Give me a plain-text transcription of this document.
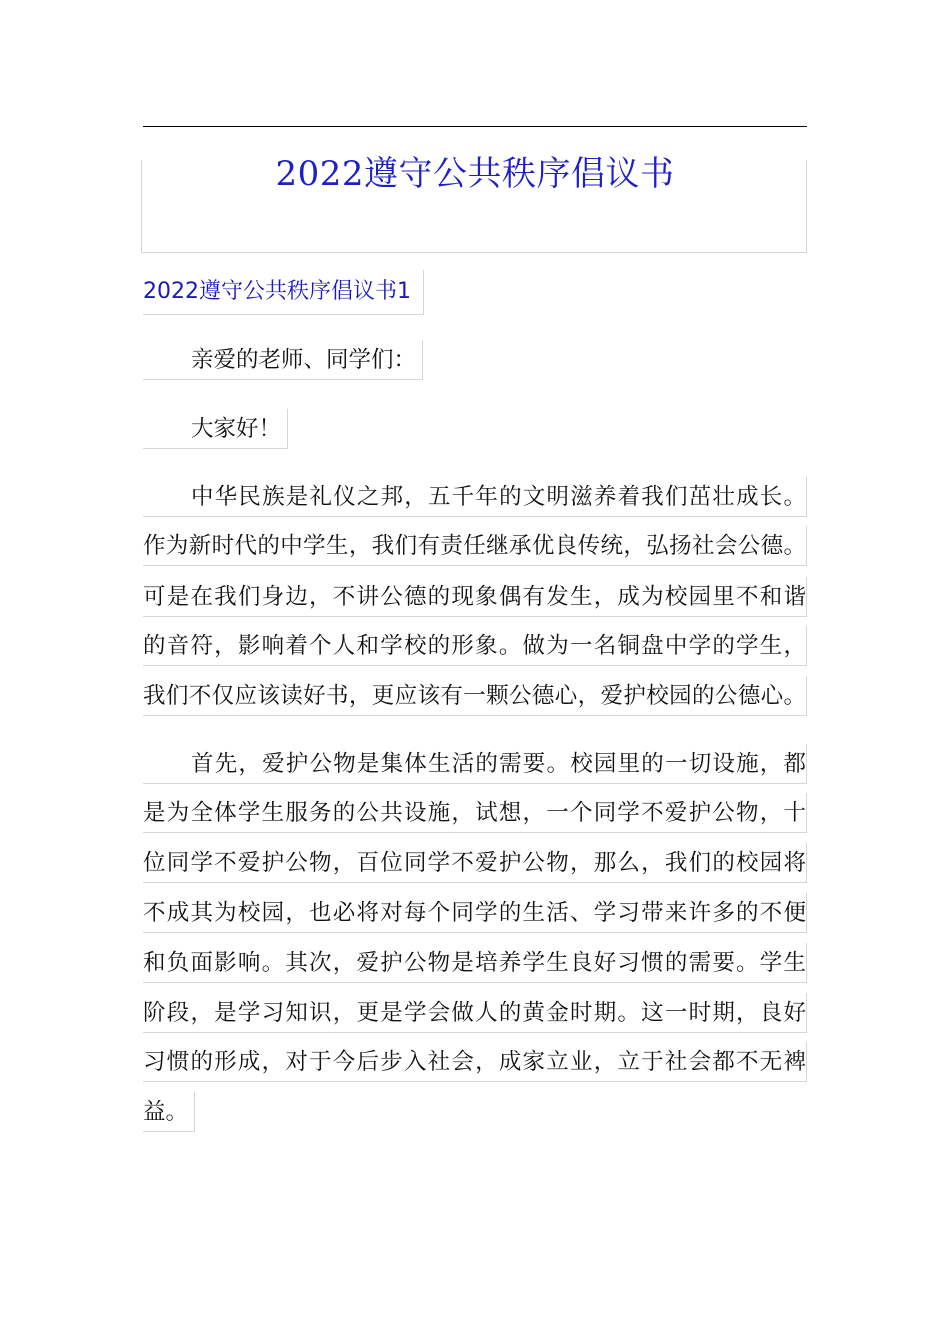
2022遵守公共秩序倡议书
2022遵守公共秩序倡议书1
亲爱的老师、同学们：
大家好！
中华民族是礼仪之邦，五千年的文明滋养着我们茁壮成长。
作为新时代的中学生，我们有责任继承优良传统，弘扬社会公德。
可是在我们身边，不讲公德的现象偶有发生，成为校园里不和谐
的音符，影响着个人和学校的形象。做为一名铜盘中学的学生，
我们不仅应该读好书，更应该有一颗公德心，爱护校园的公德心。
首先，爱护公物是集体生活的需要。校园里的一切设施，都
是为全体学生服务的公共设施，试想，一个同学不爱护公物，十
位同学不爱护公物，百位同学不爱护公物，那么，我们的校园将
不成其为校园，也必将对每个同学的生活、学习带来许多的不便
和负面影响。其次，爱护公物是培养学生良好习惯的需要。学生
阶段，是学习知识，更是学会做人的黄金时期。这一时期，良好
习惯的形成，对于今后步入社会，成家立业，立于社会都不无裨
益。
